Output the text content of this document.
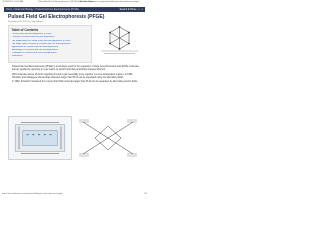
11/28/2022, 10:26 AM	Pulsed Field Gel Electrophoresis (PFGE) - Microbe Notes
https://microbenotes.com/pulsed-field-gel-electrophoresis-pfge/
Home › Molecular Biology › Pulsed Field Gel Electrophoresis (PFGE)	Search & Home ⌕ ⌂
Pulsed Field Gel Electrophoresis (PFGE)
September 28, 2022 by Sagar Aryal
Table of Contents
Pulsed Field Gel Electrophoresis (PFGE)
Principle of Pulsed Field Gel Electrophoresis
The Modification of Pulsed Field Gel Electrophoresis (PFGE)
The Major Steps Involved in Pulsed Field Gel Electrophoresis
Applications of Pulsed Field Gel Electrophoresis
Advantages of Pulsed Field Gel Electrophoresis
Limitations of Pulsed Field Gel Electrophoresis
References
• Pulsed Field Gel Electrophoresis (PFGE) is a technique used for the separation of large deoxyribonucleic acid (DNA) molecules that are applied by opposing to a gel matrix an electric field that periodically changes direction.
• DNA molecules above 15-20 kb migrating through a gel essentially move together in a size-independent manner. In 1984, Schwartz and colleagues showed that molecules larger than 50 kb can be separated using two alternating fields.
• In 1982, Schwartz introduced the concept that DNA molecules larger than 50 kb can be separated by alternating electric fields.
https://microbenotes.com/pulsed-field-gel-electrophoresis-pfge/	1/4
